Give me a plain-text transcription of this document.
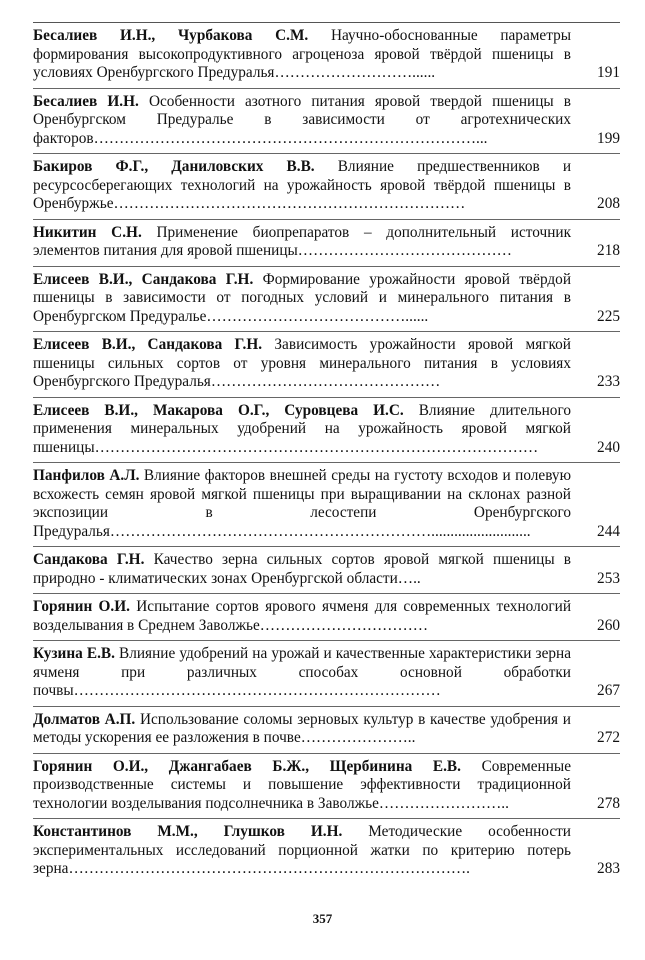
Бесалиев И.Н., Чурбакова С.М. Научно-обоснованные параметры формирования высокопродуктивного агроценоза яровой твёрдой пшеницы в условиях Оренбургского Предуралья………………………......	191
Бесалиев И.Н. Особенности азотного питания яровой твердой пшеницы в Оренбургском Предуралье в зависимости от агротехнических факторов…………………………………………………………………...	199
Бакиров Ф.Г., Даниловских В.В. Влияние предшественников и ресурсосберегающих технологий на урожайность яровой твёрдой пшеницы в Оренбуржье……………………………………………………………	208
Никитин С.Н. Применение биопрепаратов – дополнительный источник элементов питания для яровой пшеницы……………………………………	218
Елисеев В.И., Сандакова Г.Н. Формирование урожайности яровой твёрдой пшеницы в зависимости от погодных условий и минерального питания в Оренбургском Предуралье…………………………………......	225
Елисеев В.И., Сандакова Г.Н. Зависимость урожайности яровой мягкой пшеницы сильных сортов от уровня минерального питания в условиях Оренбургского Предуралья………………………………………	233
Елисеев В.И., Макарова О.Г., Суровцева И.С. Влияние длительного применения минеральных удобрений на урожайность яровой мягкой пшеницы……………………………………………………………………………	240
Панфилов А.Л. Влияние факторов внешней среды на густоту всходов и полевую всхожесть семян яровой мягкой пшеницы при выращивании на склонах разной экспозиции в лесостепи Оренбургского Предуралья………………………………………………………..........................	244
Сандакова Г.Н. Качество зерна сильных сортов яровой мягкой пшеницы в природно - климатических зонах Оренбургской области…..	253
Горянин О.И. Испытание сортов ярового ячменя для современных технологий возделывания в Среднем Заволжье……………………………	260
Кузина Е.В. Влияние удобрений на урожай и качественные характеристики зерна ячменя при различных способах основной обработки почвы………………………………………………………………	267
Долматов А.П. Использование соломы зерновых культур в качестве удобрения и методы ускорения ее разложения в почве…………………..	272
Горянин О.И., Джангабаев Б.Ж., Щербинина Е.В. Современные производственные системы и повышение эффективности традиционной технологии возделывания подсолнечника в Заволжье……………………..	278
Константинов М.М., Глушков И.Н. Методические особенности экспериментальных исследований порционной жатки по критерию потерь зерна…………………………………………………………………….	283
357
